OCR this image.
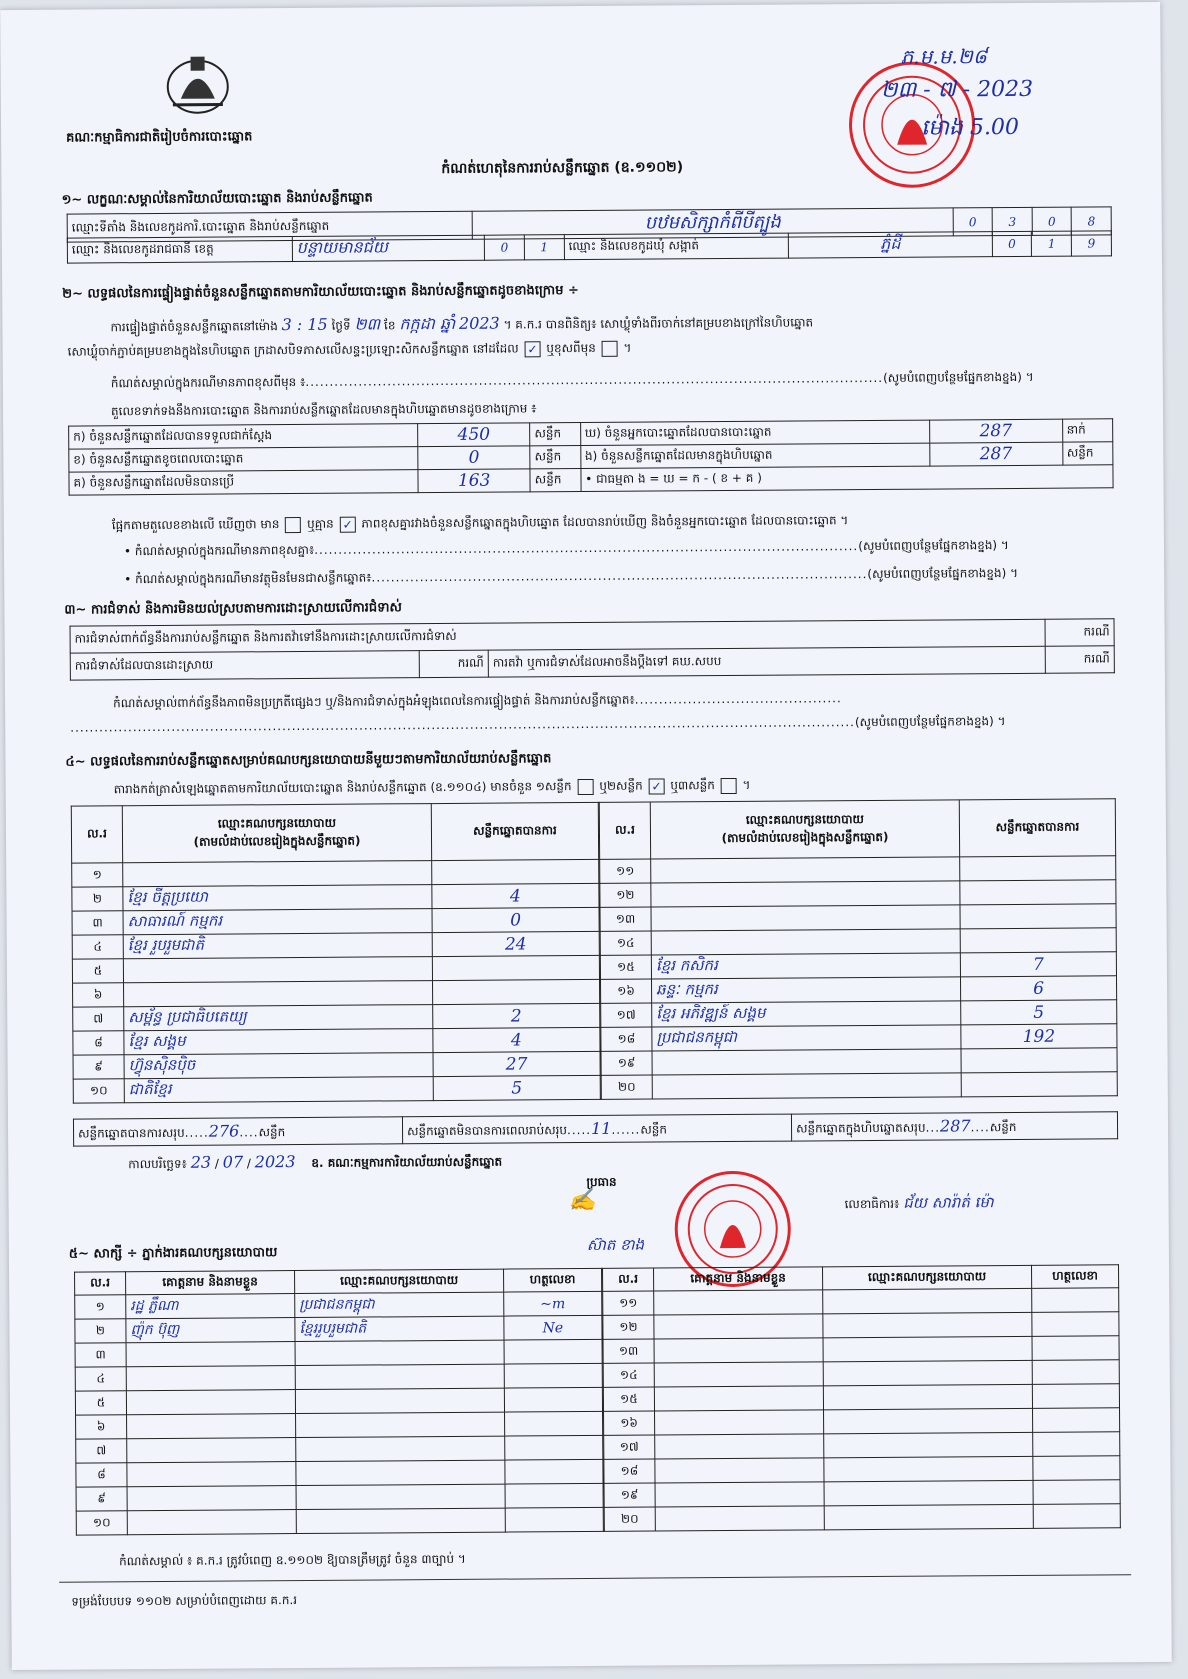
គណៈកម្មាធិការជាតិរៀបចំការបោះឆ្នោត
កំណត់ហេតុនៃការរាប់សន្លឹកឆ្នោត (ឧ.១១០២)
ភ.ម.ម.២៨
២៣ - ៧ - 2023
ម៉ោង 5.00
១~ លក្ខណៈសម្គាល់នៃការិយាល័យបោះឆ្នោត និងរាប់សន្លឹកឆ្នោត
ឈ្មោះទីតាំង និងលេខកូដការិ.បោះឆ្នោត និងរាប់សន្លឹកឆ្នោត	បឋមសិក្សាកំពីបីត្បូង	0	3	0	8
ឈ្មោះ និងលេខកូដរាជធានី ខេត្ត	បន្ទាយមានជ័យ	0	1	ឈ្មោះ និងលេខកូដឃុំ សង្កាត់	ភ្នំដី	0	1	9
២~ លទ្ធផលនៃការផ្ទៀងផ្ទាត់ចំនួនសន្លឹកឆ្នោតតាមការិយាល័យបោះឆ្នោត និងរាប់សន្លឹកឆ្នោតដូចខាងក្រោម ÷
ការផ្ទៀងផ្ទាត់ចំនួនសន្លឹកឆ្នោតនៅម៉ោង 3 : 15 ថ្ងៃទី ២៣ ខែ កក្កដា ឆ្នាំ 2023 ។ គ.ក.រ បានពិនិត្យ៖ សោឃ្លុំទាំងពីរចាក់នៅគម្របខាងក្រៅនៃហិបឆ្នោត
សោឃ្លុំចាក់ភ្ជាប់គម្របខាងក្នុងនៃហិបឆ្នោត ក្រដាសបិទភាសលើសន្ទះប្រឡោះសិកសន្លឹកឆ្នោត នៅដដែល ✓ ឬខុសពីមុន  ។
កំណត់សម្គាល់ក្នុងករណីមានភាពខុសពីមុន ៖........................................................................................................................(សូមបំពេញបន្ថែមផ្នែកខាងខ្នង) ។
តួលេខទាក់ទងនឹងការបោះឆ្នោត និងការរាប់សន្លឹកឆ្នោតដែលមានក្នុងហិបឆ្នោតមានដូចខាងក្រោម ៖
ក) ចំនួនសន្លឹកឆ្នោតដែលបានទទួលជាក់ស្តែង	450	សន្លឹក	ឃ) ចំនួនអ្នកបោះឆ្នោតដែលបានបោះឆ្នោត	287	នាក់
ខ) ចំនួនសន្លឹកឆ្នោតខូចពេលបោះឆ្នោត	0	សន្លឹក	ង) ចំនួនសន្លឹកឆ្នោតដែលមានក្នុងហិបឆ្នោត	287	សន្លឹក
គ) ចំនួនសន្លឹកឆ្នោតដែលមិនបានប្រើ	163	សន្លឹក	• ជាធម្មតា ង = ឃ = ក - ( ខ + គ )		
ផ្អែកតាមតួលេខខាងលើ ឃើញថា មាន ឬគ្មាន ✓ ភាពខុសគ្នារវាងចំនួនសន្លឹកឆ្នោតក្នុងហិបឆ្នោត ដែលបានរាប់ឃើញ និងចំនួនអ្នកបោះឆ្នោត ដែលបានបោះឆ្នោត ។
• កំណត់សម្គាល់ក្នុងករណីមានភាពខុសគ្នា៖.................................................................................................................(សូមបំពេញបន្ថែមផ្នែកខាងខ្នង) ។
• កំណត់សម្គាល់ក្នុងករណីមានវត្ថុមិនមែនជាសន្លឹកឆ្នោត៖.......................................................................................................(សូមបំពេញបន្ថែមផ្នែកខាងខ្នង) ។
៣~ ការជំទាស់ និងការមិនយល់ស្របតាមការដោះស្រាយលើការជំទាស់
ការជំទាស់ពាក់ព័ន្ធនឹងការរាប់សន្លឹកឆ្នោត និងការតវ៉ាទៅនឹងការដោះស្រាយលើការជំទាស់			ករណី
ការជំទាស់ដែលបានដោះស្រាយ	ករណី	ការតវ៉ា ឬការជំទាស់ដែលអាចនឹងប្ដឹងទៅ គឃ.សបប	ករណី
កំណត់សម្គាល់ពាក់ព័ន្ធនឹងភាពមិនប្រក្រតីផ្សេងៗ ឬ/និងការជំទាស់ក្នុងអំឡុងពេលនៃការផ្ទៀងផ្ទាត់ និងការរាប់សន្លឹកឆ្នោត៖...........................................
...................................................................................................................................................................(សូមបំពេញបន្ថែមផ្នែកខាងខ្នង) ។
៤~ លទ្ធផលនៃការរាប់សន្លឹកឆ្នោតសម្រាប់គណបក្សនយោបាយនីមួយៗតាមការិយាល័យរាប់សន្លឹកឆ្នោត
តារាងកត់ត្រាសំឡេងឆ្នោតតាមការិយាល័យបោះឆ្នោត និងរាប់សន្លឹកឆ្នោត (ឧ.១១០៤) មានចំនួន ១សន្លឹក ឬ២សន្លឹក ✓ ឬ៣សន្លឹក  ។
ល.រ	ឈ្មោះគណបក្សនយោបាយ
(តាមលំដាប់លេខរៀងក្នុងសន្លឹកឆ្នោត)	សន្លឹកឆ្នោតបានការ
១		
២	ខ្មែរ ចីត្តប្រយោ	4
៣	សាធារណ៍ កម្មករ	0
៤	ខ្មែរ រួបរួមជាតិ	24
៥		
៦		
៧	សម្ព័ន្ធ ប្រជាធិបតេយ្យ	2
៨	ខ្មែរ សង្គម	4
៩	ហ៊្វុនស៊ិនប៉ិច	27
១០	ជាតិខ្មែរ	5
ល.រ	ឈ្មោះគណបក្សនយោបាយ
(តាមលំដាប់លេខរៀងក្នុងសន្លឹកឆ្នោត)	សន្លឹកឆ្នោតបានការ
១១		
១២		
១៣		
១៤		
១៥	ខ្មែរ កសិករ	7
១៦	ឆន្ទៈ កម្មករ	6
១៧	ខ្មែរ អភិវឌ្ឍន៍ សង្គម	5
១៨	ប្រជាជនកម្ពុជា	192
១៩		
២០		
សន្លឹកឆ្នោតបានការសរុប.....276....សន្លឹក	សន្លឹកឆ្នោតមិនបានការពេលរាប់សរុប.....11......សន្លឹក	សន្លឹកឆ្នោតក្នុងហិបឆ្នោតសរុប...287....សន្លឹក
កាលបរិច្ឆេទ៖ 23 / 07 / 2023 ឧ. គណៈកម្មការការិយាល័យរាប់សន្លឹកឆ្នោត
ប្រធាន
✍	លេខាធិការ៖ ជ័យ សារ៉ាត់ ម៉ោ
ស៊ាត ខាង
៥~ សាក្សី ÷ ភ្នាក់ងារគណបក្សនយោបាយ
ល.រ	គោត្តនាម និងនាមខ្លួន	ឈ្មោះគណបក្សនយោបាយ	ហត្ថលេខា
១	រដ្ឋ ភ្លឹណា	ប្រជាជនកម្ពុជា	~m
២	ញ៉ុក ប៊ុញ	ខ្មែររួបរួមជាតិ	Ne
៣			
៤			
៥			
៦			
៧			
៨			
៩			
១០			
ល.រ	គោត្តនាម និងនាមខ្លួន	ឈ្មោះគណបក្សនយោបាយ	ហត្ថលេខា
១១			
១២			
១៣			
១៤			
១៥			
១៦			
១៧			
១៨			
១៩			
២០			
កំណត់សម្គាល់ ៖ គ.ក.រ ត្រូវបំពេញ ឧ.១១០២ ឱ្យបានត្រឹមត្រូវ ចំនួន ៣ច្បាប់ ។
ទម្រង់បែបបទ ១១០២ សម្រាប់បំពេញដោយ គ.ក.រ
